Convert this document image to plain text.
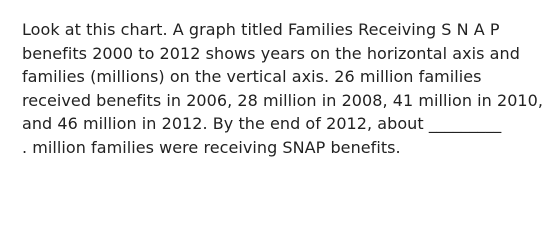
Look at this chart. A graph titled Families Receiving S N A P
benefits 2000 to 2012 shows years on the horizontal axis and
families (millions) on the vertical axis. 26 million families
received benefits in 2006, 28 million in 2008, 41 million in 2010,
and 46 million in 2012. By the end of 2012, about _________
. million families were receiving SNAP benefits.
